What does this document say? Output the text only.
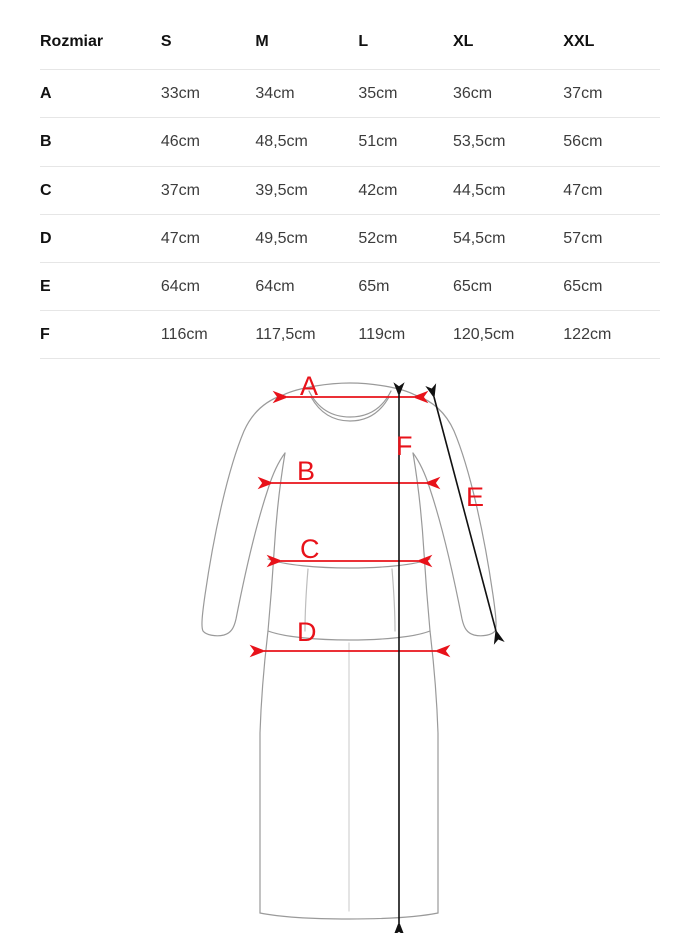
Rozmiar	S	M	L	XL	XXL
A	33cm	34cm	35cm	36cm	37cm
B	46cm	48,5cm	51cm	53,5cm	56cm
C	37cm	39,5cm	42cm	44,5cm	47cm
D	47cm	49,5cm	52cm	54,5cm	57cm
E	64cm	64cm	65m	65cm	65cm
F	116cm	117,5cm	119cm	120,5cm	122cm
A
B
C
D
E
F
